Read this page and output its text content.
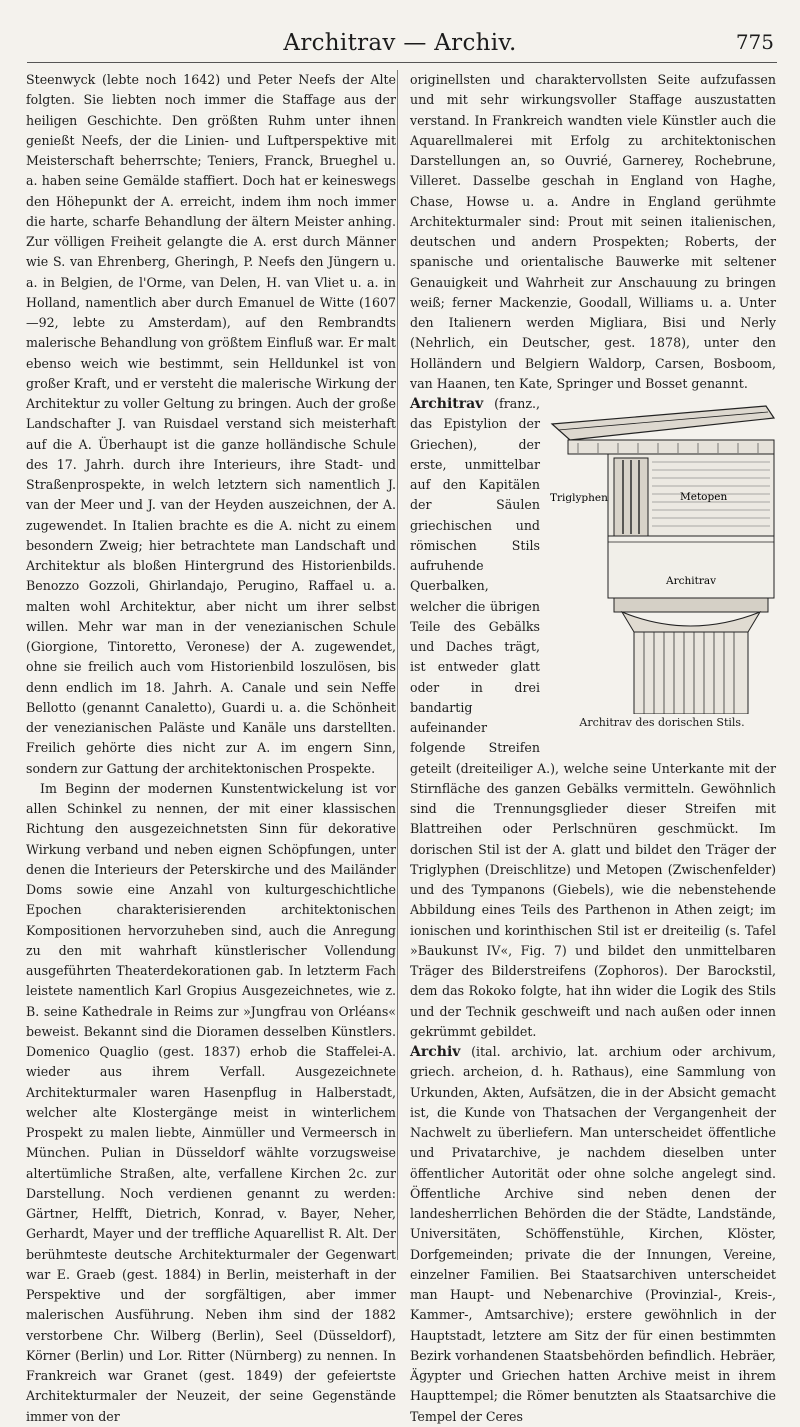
Architrav — Archiv.	775

Steenwyck (lebte noch 1642) und Peter Neefs der Alte folgten. Sie liebten noch immer die Staffage aus der heiligen Geschichte. Den größten Ruhm unter ihnen genießt Neefs, der die Linien- und Luftperspektive mit Meisterschaft beherrschte; Teniers, Franck, Brueghel u. a. haben seine Gemälde staffiert. Doch hat er keineswegs den Höhepunkt der A. erreicht, indem ihm noch immer die harte, scharfe Behandlung der ältern Meister anhing. Zur völligen Freiheit gelangte die A. erst durch Männer wie S. van Ehrenberg, Gheringh, P. Neefs den Jüngern u. a. in Belgien, de l'Orme, van Delen, H. van Vliet u. a. in Holland, namentlich aber durch Emanuel de Witte (1607—92, lebte zu Amsterdam), auf den Rembrandts malerische Behandlung von größtem Einfluß war. Er malt ebenso weich wie bestimmt, sein Helldunkel ist von großer Kraft, und er versteht die malerische Wirkung der Architektur zu voller Geltung zu bringen. Auch der große Landschafter J. van Ruisdael verstand sich meisterhaft auf die A. Überhaupt ist die ganze holländische Schule des 17. Jahrh. durch ihre Interieurs, ihre Stadt- und Straßenprospekte, in welch letztern sich namentlich J. van der Meer und J. van der Heyden auszeichnen, der A. zugewendet. In Italien brachte es die A. nicht zu einem besondern Zweig; hier betrachtete man Landschaft und Architektur als bloßen Hintergrund des Historienbilds. Benozzo Gozzoli, Ghirlandajo, Perugino, Raffael u. a. malten wohl Architektur, aber nicht um ihrer selbst willen. Mehr war man in der venezianischen Schule (Giorgione, Tintoretto, Veronese) der A. zugewendet, ohne sie freilich auch vom Historienbild loszulösen, bis denn endlich im 18. Jahrh. A. Canale und sein Neffe Bellotto (genannt Canaletto), Guardi u. a. die Schönheit der venezianischen Paläste und Kanäle uns darstellten. Freilich gehörte dies nicht zur A. im engern Sinn, sondern zur Gattung der architektonischen Prospekte.

Im Beginn der modernen Kunstentwickelung ist vor allen Schinkel zu nennen, der mit einer klassischen Richtung den ausgezeichnetsten Sinn für dekorative Wirkung verband und neben eignen Schöpfungen, unter denen die Interieurs der Peterskirche und des Mailänder Doms sowie eine Anzahl von kulturgeschichtliche Epochen charakterisierenden architektonischen Kompositionen hervorzuheben sind, auch die Anregung zu den mit wahrhaft künstlerischer Vollendung ausgeführten Theaterdekorationen gab. In letzterm Fach leistete namentlich Karl Gropius Ausgezeichnetes, wie z. B. seine Kathedrale in Reims zur »Jungfrau von Orléans« beweist. Bekannt sind die Dioramen desselben Künstlers. Domenico Quaglio (gest. 1837) erhob die Staffelei-A. wieder aus ihrem Verfall. Ausgezeichnete Architekturmaler waren Hasenpflug in Halberstadt, welcher alte Klostergänge meist in winterlichem Prospekt zu malen liebte, Ainmüller und Vermeersch in München. Pulian in Düsseldorf wählte vorzugsweise altertümliche Straßen, alte, verfallene Kirchen 2c. zur Darstellung. Noch verdienen genannt zu werden: Gärtner, Helfft, Dietrich, Konrad, v. Bayer, Neher, Gerhardt, Mayer und der treffliche Aquarellist R. Alt. Der berühmteste deutsche Architekturmaler der Gegenwart war E. Graeb (gest. 1884) in Berlin, meisterhaft in der Perspektive und der sorgfältigen, aber immer malerischen Ausführung. Neben ihm sind der 1882 verstorbene Chr. Wilberg (Berlin), Seel (Düsseldorf), Körner (Berlin) und Lor. Ritter (Nürnberg) zu nennen. In Frankreich war Granet (gest. 1849) der gefeiertste Architekturmaler der Neuzeit, der seine Gegenstände immer von der

originellsten und charaktervollsten Seite aufzufassen und mit sehr wirkungsvoller Staffage auszustatten verstand. In Frankreich wandten viele Künstler auch die Aquarellmalerei mit Erfolg zu architektonischen Darstellungen an, so Ouvrié, Garnerey, Rochebrune, Villeret. Dasselbe geschah in England von Haghe, Chase, Howse u. a. Andre in England gerühmte Architekturmaler sind: Prout mit seinen italienischen, deutschen und andern Prospekten; Roberts, der spanische und orientalische Bauwerke mit seltener Genauigkeit und Wahrheit zur Anschauung zu bringen weiß; ferner Mackenzie, Goodall, Williams u. a. Unter den Italienern werden Migliara, Bisi und Nerly (Nehrlich, ein Deutscher, gest. 1878), unter den Holländern und Belgiern Waldorp, Carsen, Bosboom, van Haanen, ten Kate, Springer und Bosset genannt.

Triglyphen	Metopen
Architrav
Architrav des dorischen Stils.
Architrav (franz., das Epistylion der Griechen), der erste, unmittelbar auf den Kapitälen der Säulen griechischen und römischen Stils aufruhende Querbalken, welcher die übrigen Teile des Gebälks und Daches trägt, ist entweder glatt oder in drei bandartig aufeinander folgende Streifen geteilt (dreiteiliger A.), welche seine Unterkante mit der Stirnfläche des ganzen Gebälks vermitteln. Gewöhnlich sind die Trennungsglieder dieser Streifen mit Blattreihen oder Perlschnüren geschmückt. Im dorischen Stil ist der A. glatt und bildet den Träger der Triglyphen (Dreischlitze) und Metopen (Zwischenfelder) und des Tympanons (Giebels), wie die nebenstehende Abbildung eines Teils des Parthenon in Athen zeigt; im ionischen und korinthischen Stil ist er dreiteilig (s. Tafel »Baukunst IV«, Fig. 7) und bildet den unmittelbaren Träger des Bilderstreifens (Zophoros). Der Barockstil, dem das Rokoko folgte, hat ihn wider die Logik des Stils und der Technik geschweift und nach außen oder innen gekrümmt gebildet.

Archiv (ital. archivio, lat. archium oder archivum, griech. archeion, d. h. Rathaus), eine Sammlung von Urkunden, Akten, Aufsätzen, die in der Absicht gemacht ist, die Kunde von Thatsachen der Vergangenheit der Nachwelt zu überliefern. Man unterscheidet öffentliche und Privatarchive, je nachdem dieselben unter öffentlicher Autorität oder ohne solche angelegt sind. Öffentliche Archive sind neben denen der landesherrlichen Behörden die der Städte, Landstände, Universitäten, Schöffenstühle, Kirchen, Klöster, Dorfgemeinden; private die der Innungen, Vereine, einzelner Familien. Bei Staatsarchiven unterscheidet man Haupt- und Nebenarchive (Provinzial-, Kreis-, Kammer-, Amtsarchive); erstere gewöhnlich in der Hauptstadt, letztere am Sitz der für einen bestimmten Bezirk vorhandenen Staatsbehörden befindlich. Hebräer, Ägypter und Griechen hatten Archive meist in ihrem Haupttempel; die Römer benutzten als Staatsarchive die Tempel der Ceres
